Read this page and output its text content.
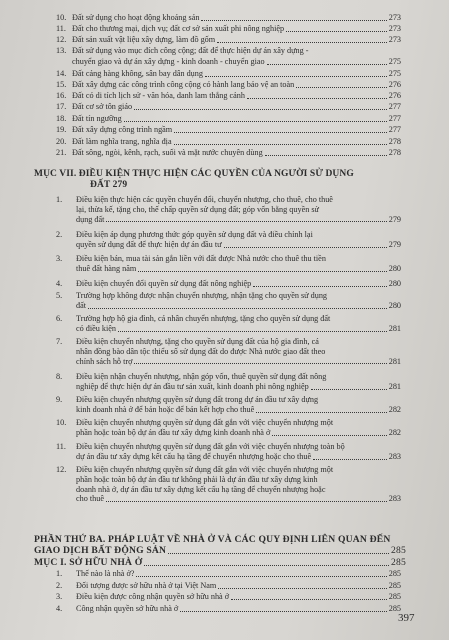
10. Đất sử dụng cho hoạt động khoáng sản	273
11. Đất cho thương mại, dịch vụ; đất cơ sở sản xuất phi nông nghiệp	273
12. Đất sản xuất vật liệu xây dựng, làm đồ gốm	273
13. Đất sử dụng vào mục đích công cộng; đất để thực hiện dự án xây dựng -
chuyển giao và dự án xây dựng - kinh doanh - chuyển giao	275
14. Đất cảng hàng không, sân bay dân dụng	275
15. Đất xây dựng các công trình công cộng có hành lang bảo vệ an toàn	276
16. Đất có di tích lịch sử - văn hóa, danh lam thắng cảnh	276
17. Đất cơ sở tôn giáo	277
18. Đất tín ngưỡng	277
19. Đất xây dựng công trình ngầm	277
20. Đất làm nghĩa trang, nghĩa địa	278
21. Đất sông, ngòi, kênh, rạch, suối và mặt nước chuyên dùng	278
MỤC VII. ĐIỀU KIỆN THỰC HIỆN CÁC QUYỀN CỦA NGƯỜI SỬ DỤNG
ĐẤT 279
1. Điều kiện thực hiện các quyền chuyển đổi, chuyển nhượng, cho thuê, cho thuê
lại, thừa kế, tặng cho, thế chấp quyền sử dụng đất; góp vốn bằng quyền sử
dụng đất	279
2. Điều kiện áp dụng phương thức góp quyền sử dụng đất và điều chỉnh lại
quyền sử dụng đất để thực hiện dự án đầu tư	279
3. Điều kiện bán, mua tài sản gắn liền với đất được Nhà nước cho thuê thu tiền
thuê đất hàng năm	280
4. Điều kiện chuyển đổi quyền sử dụng đất nông nghiệp	280
5. Trường hợp không được nhận chuyển nhượng, nhận tặng cho quyền sử dụng
đất	280
6. Trường hợp hộ gia đình, cá nhân chuyển nhượng, tặng cho quyền sử dụng đất
có điều kiện	281
7. Điều kiện chuyển nhượng, tặng cho quyền sử dụng đất của hộ gia đình, cá
nhân đồng bào dân tộc thiểu số sử dụng đất do được Nhà nước giao đất theo
chính sách hỗ trợ	281
8. Điều kiện nhận chuyển nhượng, nhận góp vốn, thuê quyền sử dụng đất nông
nghiệp để thực hiện dự án đầu tư sản xuất, kinh doanh phi nông nghiệp	281
9. Điều kiện chuyển nhượng quyền sử dụng đất trong dự án đầu tư xây dựng
kinh doanh nhà ở để bán hoặc để bán kết hợp cho thuê	282
10. Điều kiện chuyển nhượng quyền sử dụng đất gắn với việc chuyển nhượng một
phần hoặc toàn bộ dự án đầu tư xây dựng kinh doanh nhà ở	282
11. Điều kiện chuyển nhượng quyền sử dụng đất gắn với việc chuyển nhượng toàn bộ
dự án đầu tư xây dựng kết cấu hạ tầng để chuyển nhượng hoặc cho thuê	283
12. Điều kiện chuyển nhượng quyền sử dụng đất gắn với việc chuyển nhượng một
phần hoặc toàn bộ dự án đầu tư không phải là dự án đầu tư xây dựng kinh
doanh nhà ở, dự án đầu tư xây dựng kết cấu hạ tầng để chuyển nhượng hoặc
cho thuê	283
PHẦN THỨ BA. PHÁP LUẬT VỀ NHÀ Ở VÀ CÁC QUY ĐỊNH LIÊN QUAN ĐẾN
GIAO DỊCH BẤT ĐỘNG SẢN	285
MỤC I. SỞ HỮU NHÀ Ở	285
1.	Thế nào là nhà ở?	285
2.	Đối tượng được sở hữu nhà ở tại Việt Nam	285
3.	Điều kiện được công nhận quyền sở hữu nhà ở	285
4.	Công nhận quyền sở hữu nhà ở	285
397
